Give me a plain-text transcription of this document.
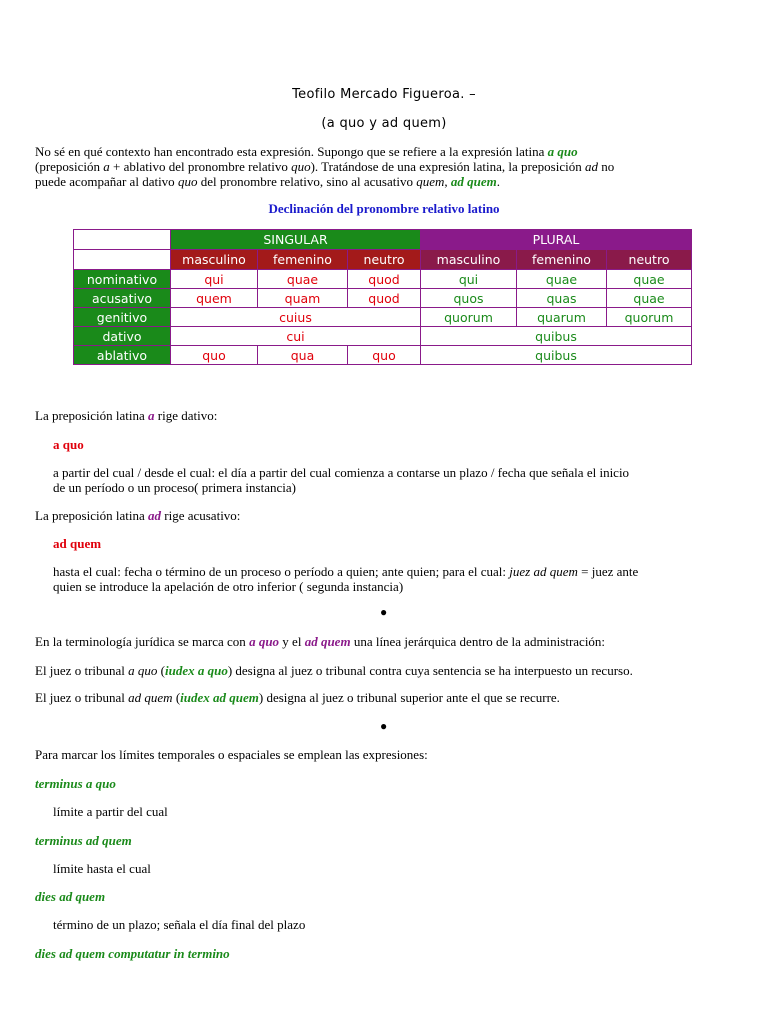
Teofilo Mercado Figueroa. –
(a quo y ad quem)
No sé en qué contexto han encontrado esta expresión. Supongo que se refiere a la expresión latina a quo
(preposición a + ablativo del pronombre relativo quo). Tratándose de una expresión latina, la preposición ad no
puede acompañar al dativo quo del pronombre relativo, sino al acusativo quem, ad quem.
Declinación del pronombre relativo latino
	SINGULAR			PLURAL		
	masculino	femenino	neutro	masculino	femenino	neutro
nominativo	qui	quae	quod	qui	quae	quae
acusativo	quem	quam	quod	quos	quas	quae
genitivo	cuius			quorum	quarum	quorum
dativo	cui			quibus		
ablativo	quo	qua	quo	quibus		
La preposición latina a rige dativo:
a quo
a partir del cual / desde el cual: el día a partir del cual comienza a contarse un plazo / fecha que señala el inicio
de un período o un proceso( primera instancia)
La preposición latina ad rige acusativo:
ad quem
hasta el cual: fecha o término de un proceso o período a quien; ante quien; para el cual: juez ad quem = juez ante
quien se introduce la apelación de otro inferior ( segunda instancia)
●
En la terminología jurídica se marca con a quo y el ad quem una línea jerárquica dentro de la administración:
El juez o tribunal a quo (iudex a quo) designa al juez o tribunal contra cuya sentencia se ha interpuesto un recurso.
El juez o tribunal ad quem (iudex ad quem) designa al juez o tribunal superior ante el que se recurre.
●
Para marcar los límites temporales o espaciales se emplean las expresiones:
terminus a quo
límite a partir del cual
terminus ad quem
límite hasta el cual
dies ad quem
término de un plazo; señala el día final del plazo
dies ad quem computatur in termino
